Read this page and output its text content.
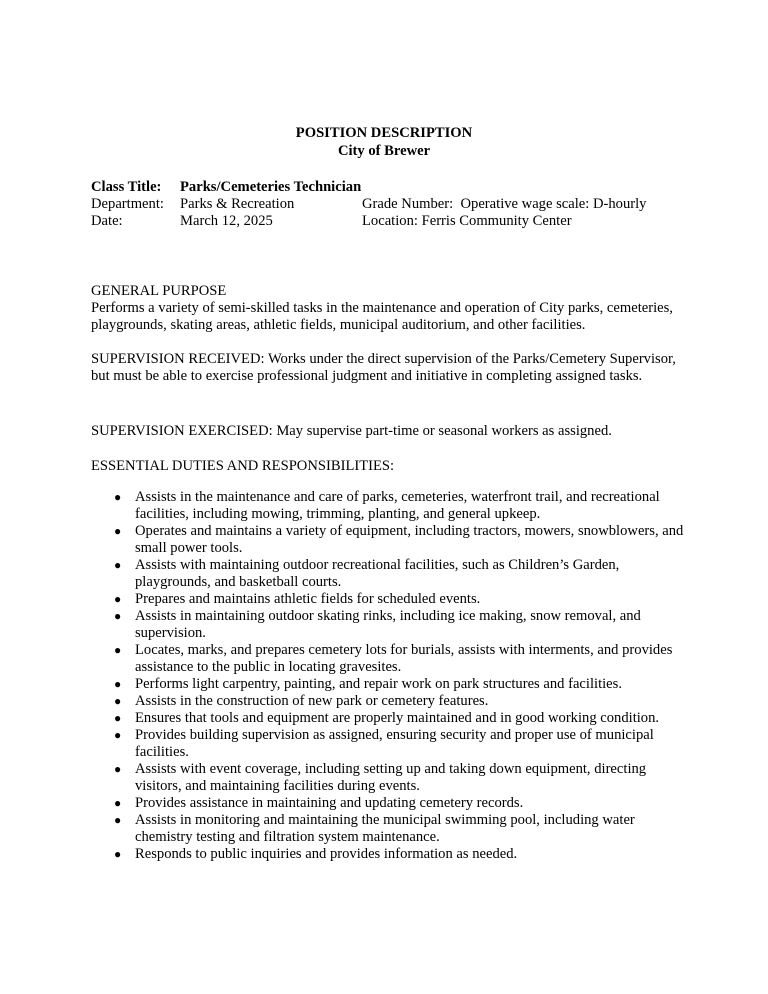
POSITION DESCRIPTION
City of Brewer
Class Title: Parks/Cemeteries Technician
Department: Parks & Recreation	Grade Number: Operative wage scale: D-hourly
Date:	March 12, 2025	Location: Ferris Community Center
GENERAL PURPOSE
Performs a variety of semi-skilled tasks in the maintenance and operation of City parks, cemeteries, playgrounds, skating areas, athletic fields, municipal auditorium, and other facilities.
SUPERVISION RECEIVED: Works under the direct supervision of the Parks/Cemetery Supervisor, but must be able to exercise professional judgment and initiative in completing assigned tasks.
SUPERVISION EXERCISED: May supervise part-time or seasonal workers as assigned.
ESSENTIAL DUTIES AND RESPONSIBILITIES:
● Assists in the maintenance and care of parks, cemeteries, waterfront trail, and recreational facilities, including mowing, trimming, planting, and general upkeep.
● Operates and maintains a variety of equipment, including tractors, mowers, snowblowers, and small power tools.
● Assists with maintaining outdoor recreational facilities, such as Children’s Garden, playgrounds, and basketball courts.
● Prepares and maintains athletic fields for scheduled events.
● Assists in maintaining outdoor skating rinks, including ice making, snow removal, and supervision.
● Locates, marks, and prepares cemetery lots for burials, assists with interments, and provides assistance to the public in locating gravesites.
● Performs light carpentry, painting, and repair work on park structures and facilities.
● Assists in the construction of new park or cemetery features.
● Ensures that tools and equipment are properly maintained and in good working condition.
● Provides building supervision as assigned, ensuring security and proper use of municipal facilities.
● Assists with event coverage, including setting up and taking down equipment, directing visitors, and maintaining facilities during events.
● Provides assistance in maintaining and updating cemetery records.
● Assists in monitoring and maintaining the municipal swimming pool, including water chemistry testing and filtration system maintenance.
● Responds to public inquiries and provides information as needed.
